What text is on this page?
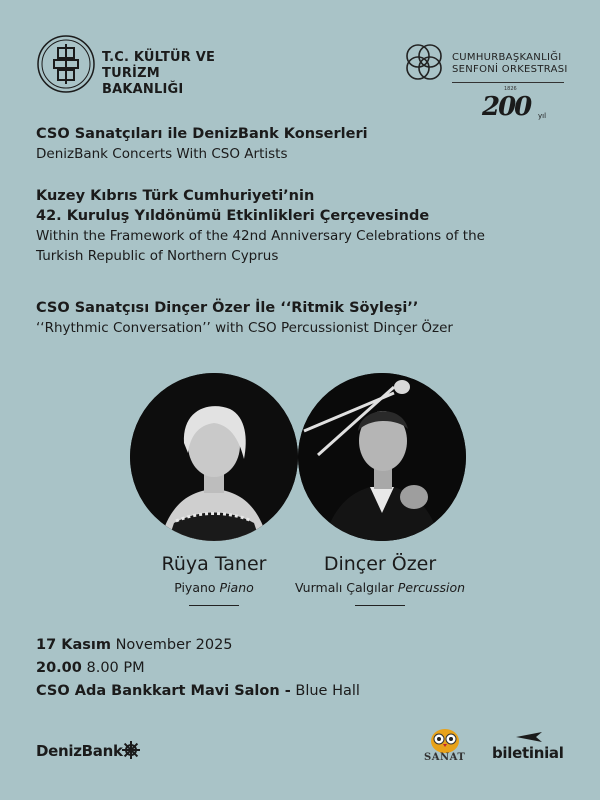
T.C. KÜLTÜR VE TURİZM
BAKANLIĞI
CUMHURBAŞKANLIĞI
SENFONİ ORKESTRASI
1826
200 yıl
CSO Sanatçıları ile DenizBank Konserleri
DenizBank Concerts With CSO Artists
Kuzey Kıbrıs Türk Cumhuriyeti’nin
42. Kuruluş Yıldönümü Etkinlikleri Çerçevesinde
Within the Framework of the 42nd Anniversary Celebrations of the
Turkish Republic of Northern Cyprus
CSO Sanatçısı Dinçer Özer İle ‘‘Ritmik Söyleşi’’
‘‘Rhythmic Conversation’’ with CSO Percussionist Dinçer Özer
Rüya Taner
Piyano Piano
Dinçer Özer
Vurmalı Çalgılar Percussion
17 Kasım November 2025
20.00 8.00 PM
CSO Ada Bankkart Mavi Salon - Blue Hall
DenizBank	SANAT biletinial
